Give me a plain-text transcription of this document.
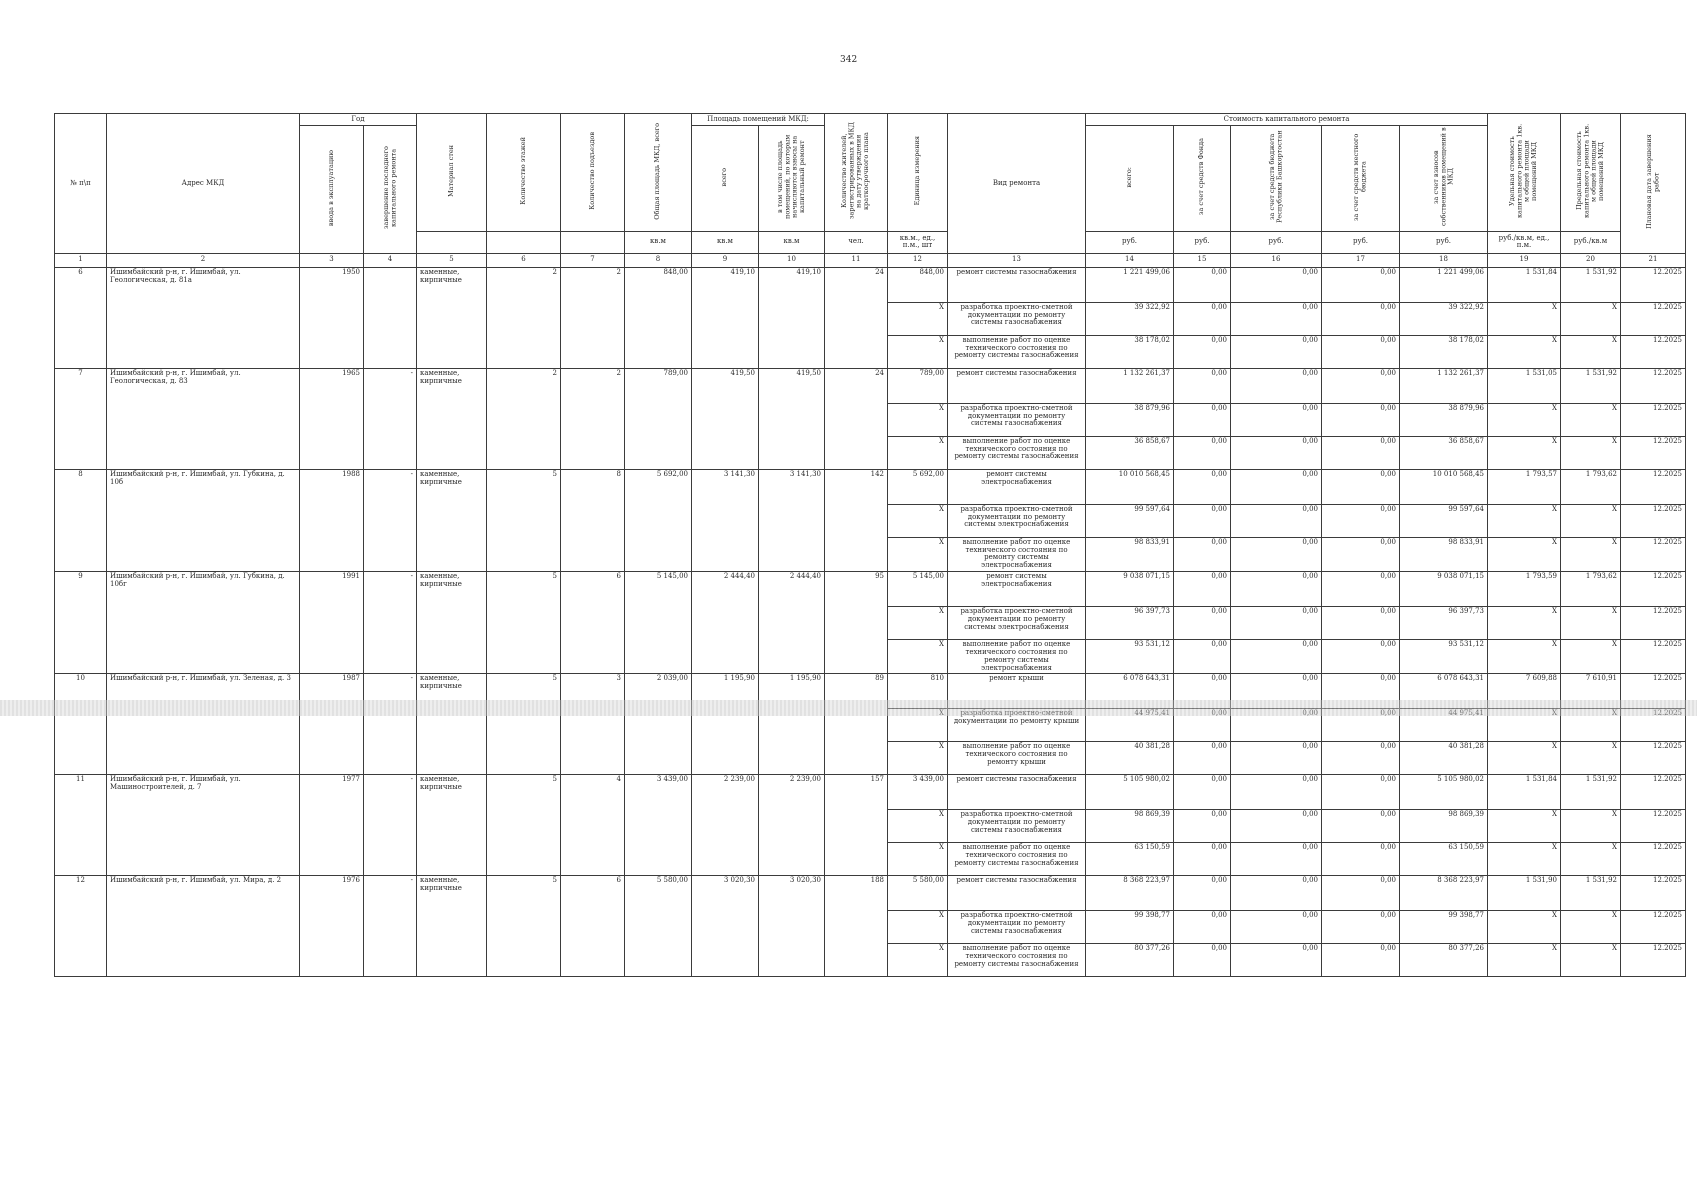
342
№ п\п	Адрес МКД	Год		Материал стен	Количество этажей	Количество подъездов	Общая площадь МКД, всего	Площадь помещений МКД:		Количество жителей, зарегистрированных в МКД на дату утверждения краткосрочного плана	Единица измерения	Вид ремонта	Стоимость капитального ремонта					Удельная стоимость капитального ремонта 1кв. м общей площади помещений МКД	Предельная стоимость капитального ремонта 1кв. м общей площади помещений МКД	Плановая дата завершения работ
		ввода в эксплуатацию	завершение последнего капитального ремонта					всего	в том числе площадь помещений, по которым начисляются взносы на капитальный ремонт				всего:	за счет средств Фонда	за счет средств бюджета Республики Башкортостан	за счет средств местного бюджета	за счет взносов собственников помещений в МКД			
							кв.м	кв.м	кв.м	чел.	кв.м., ед., п.м., шт		руб.	руб.	руб.	руб.	руб.	руб./кв.м, ед., п.м.	руб./кв.м	
1	2	3	4	5	6	7	8	9	10	11	12	13	14	15	16	17	18	19	20	21
6	Ишимбайский р-н, г. Ишимбай, ул. Геологическая, д. 81а	1950		каменные, кирпичные	2	2	848,00	419,10	419,10	24	848,00	ремонт системы газоснабжения	1 221 499,06	0,00	0,00	0,00	1 221 499,06	1 531,84	1 531,92	12.2025
											X	разработка проектно-сметной документации по ремонту системы газоснабжения	39 322,92	0,00	0,00	0,00	39 322,92	X	X	12.2025
											X	выполнение работ по оценке технического состояния по ремонту системы газоснабжения	38 178,02	0,00	0,00	0,00	38 178,02	X	X	12.2025
7	Ишимбайский р-н, г. Ишимбай, ул. Геологическая, д. 83	1965	-	каменные, кирпичные	2	2	789,00	419,50	419,50	24	789,00	ремонт системы газоснабжения	1 132 261,37	0,00	0,00	0,00	1 132 261,37	1 531,05	1 531,92	12.2025
											X	разработка проектно-сметной документации по ремонту системы газоснабжения	38 879,96	0,00	0,00	0,00	38 879,96	X	X	12.2025
											X	выполнение работ по оценке технического состояния по ремонту системы газоснабжения	36 858,67	0,00	0,00	0,00	36 858,67	X	X	12.2025
8	Ишимбайский р-н, г. Ишимбай, ул. Губкина, д. 10б	1988	-	каменные, кирпичные	5	8	5 692,00	3 141,30	3 141,30	142	5 692,00	ремонт системы электроснабжения	10 010 568,45	0,00	0,00	0,00	10 010 568,45	1 793,57	1 793,62	12.2025
											X	разработка проектно-сметной документации по ремонту системы электроснабжения	99 597,64	0,00	0,00	0,00	99 597,64	X	X	12.2025
											X	выполнение работ по оценке технического состояния по ремонту системы электроснабжения	98 833,91	0,00	0,00	0,00	98 833,91	X	X	12.2025
9	Ишимбайский р-н, г. Ишимбай, ул. Губкина, д. 10бг	1991	-	каменные, кирпичные	5	6	5 145,00	2 444,40	2 444,40	95	5 145,00	ремонт системы электроснабжения	9 038 071,15	0,00	0,00	0,00	9 038 071,15	1 793,59	1 793,62	12.2025
											X	разработка проектно-сметной документации по ремонту системы электроснабжения	96 397,73	0,00	0,00	0,00	96 397,73	X	X	12.2025
											X	выполнение работ по оценке технического состояния по ремонту системы электроснабжения	93 531,12	0,00	0,00	0,00	93 531,12	X	X	12.2025
10	Ишимбайский р-н, г. Ишимбай, ул. Зеленая, д. 3	1987	-	каменные, кирпичные	5	3	2 039,00	1 195,90	1 195,90	89	810	ремонт крыши	6 078 643,31	0,00	0,00	0,00	6 078 643,31	7 609,88	7 610,91	12.2025
											X	разработка проектно-сметной документации по ремонту крыши	44 975,41	0,00	0,00	0,00	44 975,41	X	X	12.2025
											X	выполнение работ по оценке технического состояния по ремонту крыши	40 381,28	0,00	0,00	0,00	40 381,28	X	X	12.2025
11	Ишимбайский р-н, г. Ишимбай, ул. Машиностроителей, д. 7	1977	-	каменные, кирпичные	5	4	3 439,00	2 239,00	2 239,00	157	3 439,00	ремонт системы газоснабжения	5 105 980,02	0,00	0,00	0,00	5 105 980,02	1 531,84	1 531,92	12.2025
											X	разработка проектно-сметной документации по ремонту системы газоснабжения	98 869,39	0,00	0,00	0,00	98 869,39	X	X	12.2025
											X	выполнение работ по оценке технического состояния по ремонту системы газоснабжения	63 150,59	0,00	0,00	0,00	63 150,59	X	X	12.2025
12	Ишимбайский р-н, г. Ишимбай, ул. Мира, д. 2	1976	-	каменные, кирпичные	5	6	5 580,00	3 020,30	3 020,30	188	5 580,00	ремонт системы газоснабжения	8 368 223,97	0,00	0,00	0,00	8 368 223,97	1 531,90	1 531,92	12.2025
											X	разработка проектно-сметной документации по ремонту системы газоснабжения	99 398,77	0,00	0,00	0,00	99 398,77	X	X	12.2025
											X	выполнение работ по оценке технического состояния по ремонту системы газоснабжения	80 377,26	0,00	0,00	0,00	80 377,26	X	X	12.2025
